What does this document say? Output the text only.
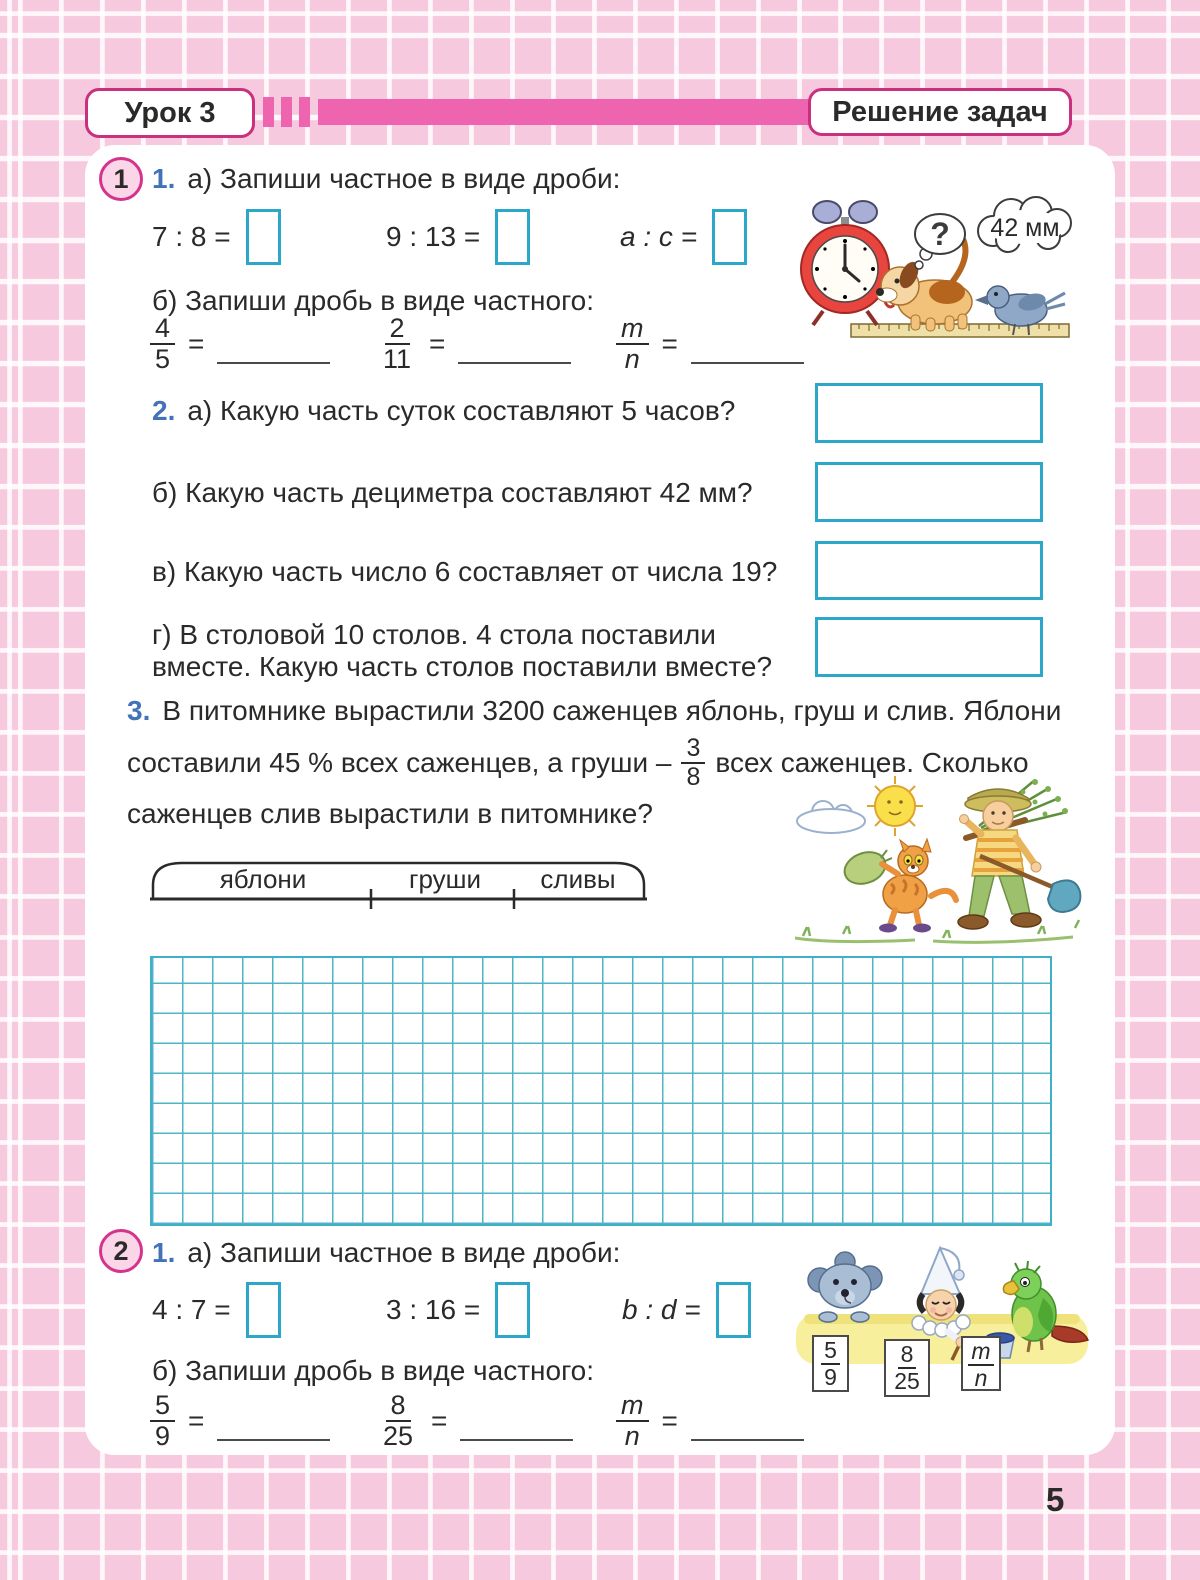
Урок 3	Решение задач
1 1. а) Запиши частное в виде дроби:
7 : 8 =	9 : 13 =	a : c =
б) Запиши дробь в виде частного:
$\frac{4}{5}$ =	$\frac{2}{11}$ =	$\frac{m}{n}$ =
? 42 мм
2. а) Какую часть суток составляют 5 часов?
б) Какую часть дециметра составляют 42 мм?
в) Какую часть число 6 составляет от числа 19?
г) В столовой 10 столов. 4 стола поставили
вместе. Какую часть столов поставили вместе?
3. В питомнике вырастили 3200 саженцев яблонь, груш и слив. Яблони
составили 45 % всех саженцев, а груши – $\frac{3}{8}$ всех саженцев. Сколько
саженцев слив вырастили в питомнике?
яблони	груши сливы
2 1. а) Запиши частное в виде дроби:
4 : 7 =	3 : 16 =	b : d =
б) Запиши дробь в виде частного:
$\frac{5}{9}$ =	$\frac{8}{25}$ =	$\frac{m}{n}$ =
$\frac{5}{9} \frac{8}{25} \frac{m}{n}$
5
